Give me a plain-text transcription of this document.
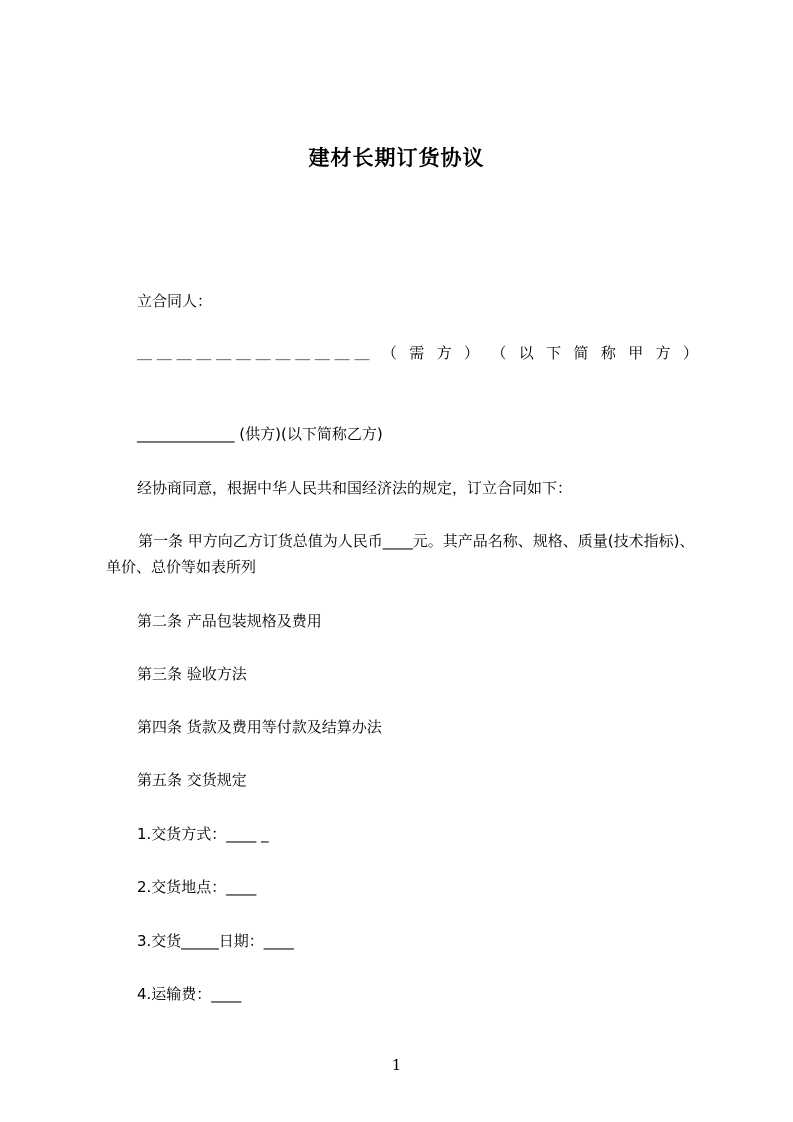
建材长期订货协议
立合同人：
＿ ＿ ＿ ＿ ＿ ＿ ＿ ＿ ＿ ＿ ＿ ＿ （ 需 方 ） （ 以 下 简 称 甲 方 ）
_____________ (供方)(以下简称乙方)
经协商同意，根据中华人民共和国经济法的规定，订立合同如下：
第一条 甲方向乙方订货总值为人民币____元。其产品名称、规格、质量(技术指标)、单价、总价等如表所列
第二条 产品包装规格及费用
第三条 验收方法
第四条 货款及费用等付款及结算办法
第五条 交货规定
1.交货方式：____ _
2.交货地点：____
3.交货_____日期：____
4.运输费：____
1
